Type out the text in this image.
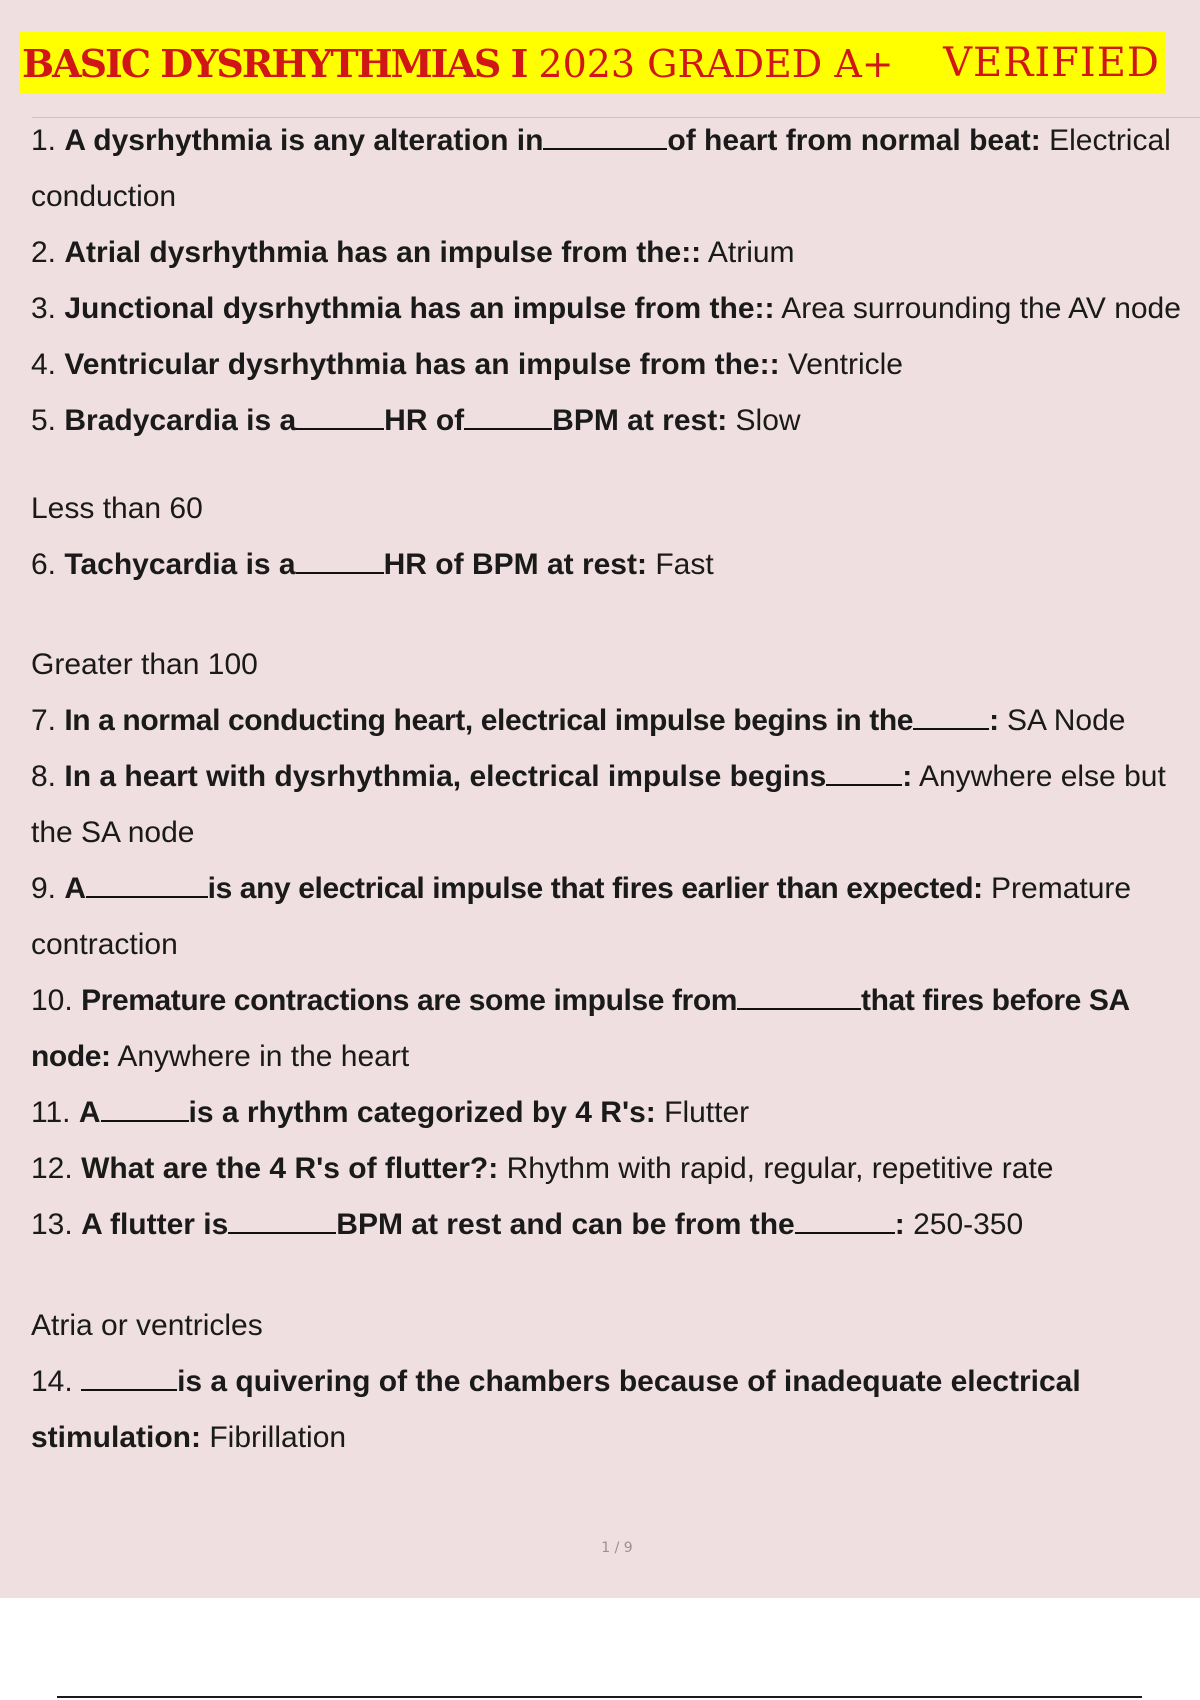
BASIC DYSRHYTHMIAS I 2023 GRADED A+ VERIFIED
1. A dysrhythmia is any alteration in	of heart from normal beat: Electrical conduction
2. Atrial dysrhythmia has an impulse from the:: Atrium
3. Junctional dysrhythmia has an impulse from the:: Area surrounding the AV node
4. Ventricular dysrhythmia has an impulse from the:: Ventricle
5. Bradycardia is a	HR of	BPM at rest: Slow
Less than 60
6. Tachycardia is a	HR of BPM at rest: Fast
Greater than 100
7. In a normal conducting heart, electrical impulse begins in the	: SA Node
8. In a heart with dysrhythmia, electrical impulse begins	: Anywhere else but the SA node
9. A	is any electrical impulse that fires earlier than expected: Premature contraction
10. Premature contractions are some impulse from	that fires before SA node: Anywhere in the heart
11. A	is a rhythm categorized by 4 R's: Flutter
12. What are the 4 R's of flutter?: Rhythm with rapid, regular, repetitive rate
13. A flutter is	BPM at rest and can be from the	: 250-350
Atria or ventricles
14.	is a quivering of the chambers because of inadequate electrical stimulation: Fibrillation
1 / 9
